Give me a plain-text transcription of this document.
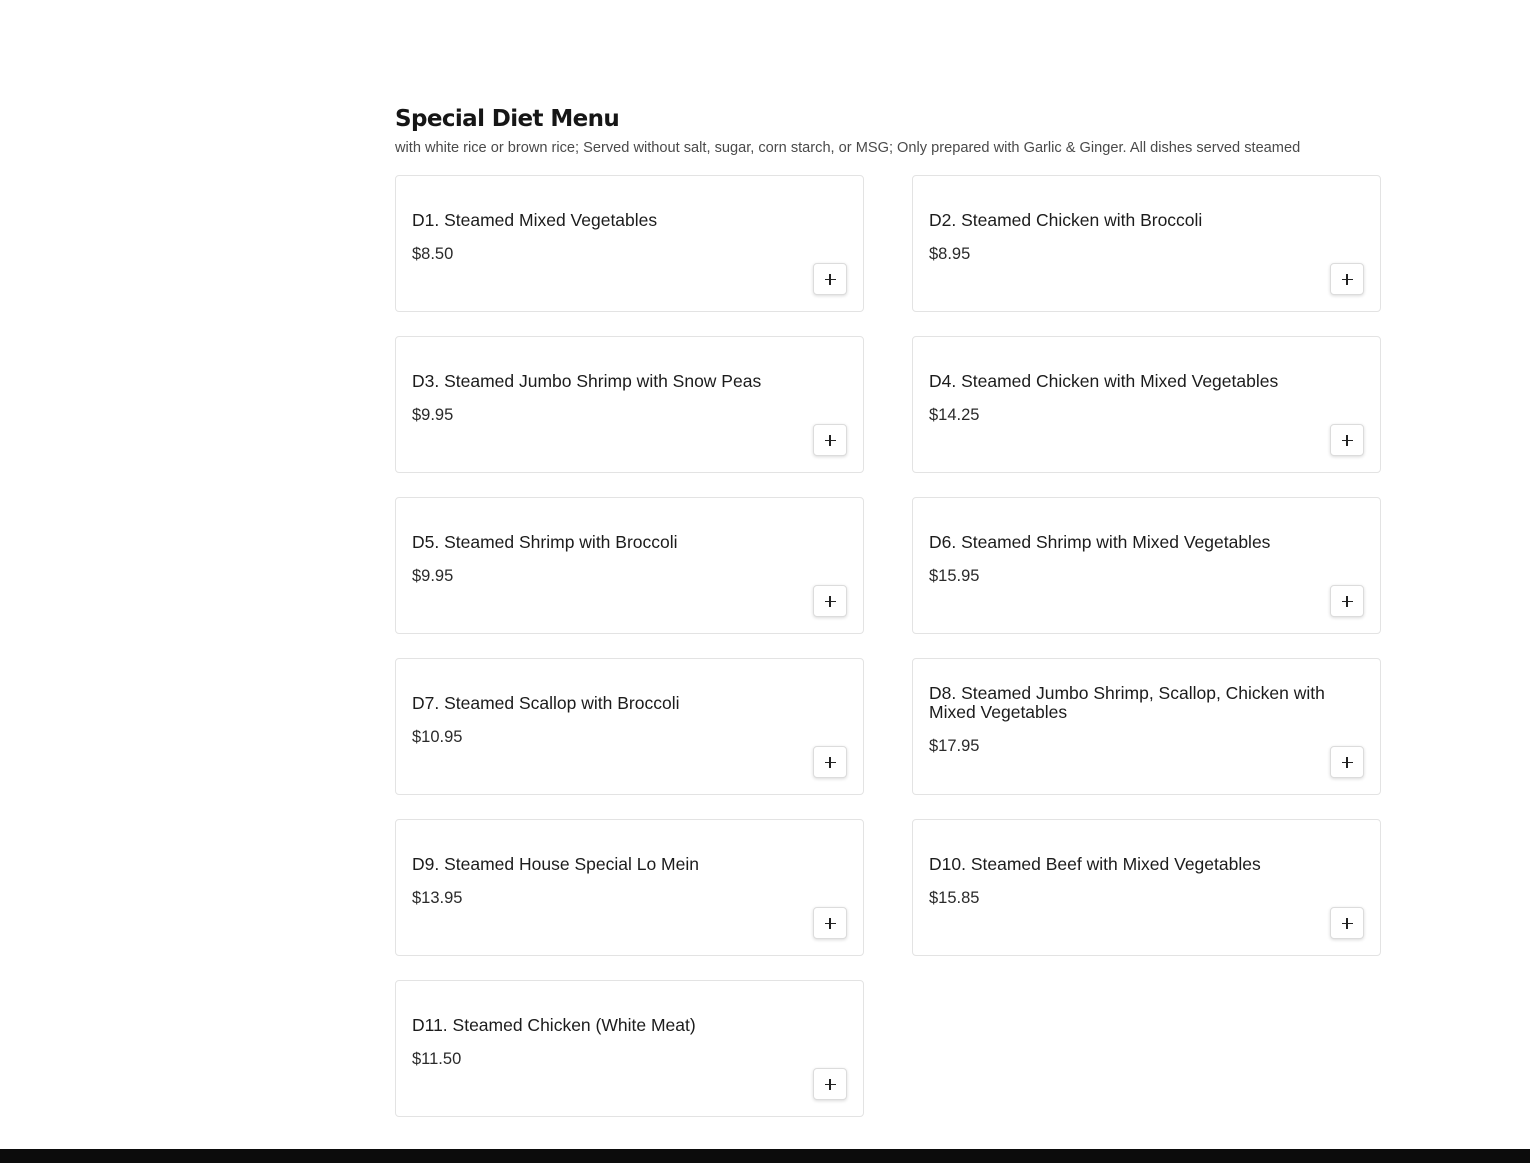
Special Diet Menu

with white rice or brown rice; Served without salt, sugar, corn starch, or MSG; Only prepared with Garlic & Ginger. All dishes served steamed

D1. Steamed Mixed Vegetables
$8.50
D2. Steamed Chicken with Broccoli
$8.95
D3. Steamed Jumbo Shrimp with Snow Peas
$9.95
D4. Steamed Chicken with Mixed Vegetables
$14.25
D5. Steamed Shrimp with Broccoli
$9.95
D6. Steamed Shrimp with Mixed Vegetables
$15.95
D7. Steamed Scallop with Broccoli
$10.95
D8. Steamed Jumbo Shrimp, Scallop, Chicken with Mixed Vegetables
$17.95
D9. Steamed House Special Lo Mein
$13.95
D10. Steamed Beef with Mixed Vegetables
$15.85
D11. Steamed Chicken (White Meat)
$11.50
